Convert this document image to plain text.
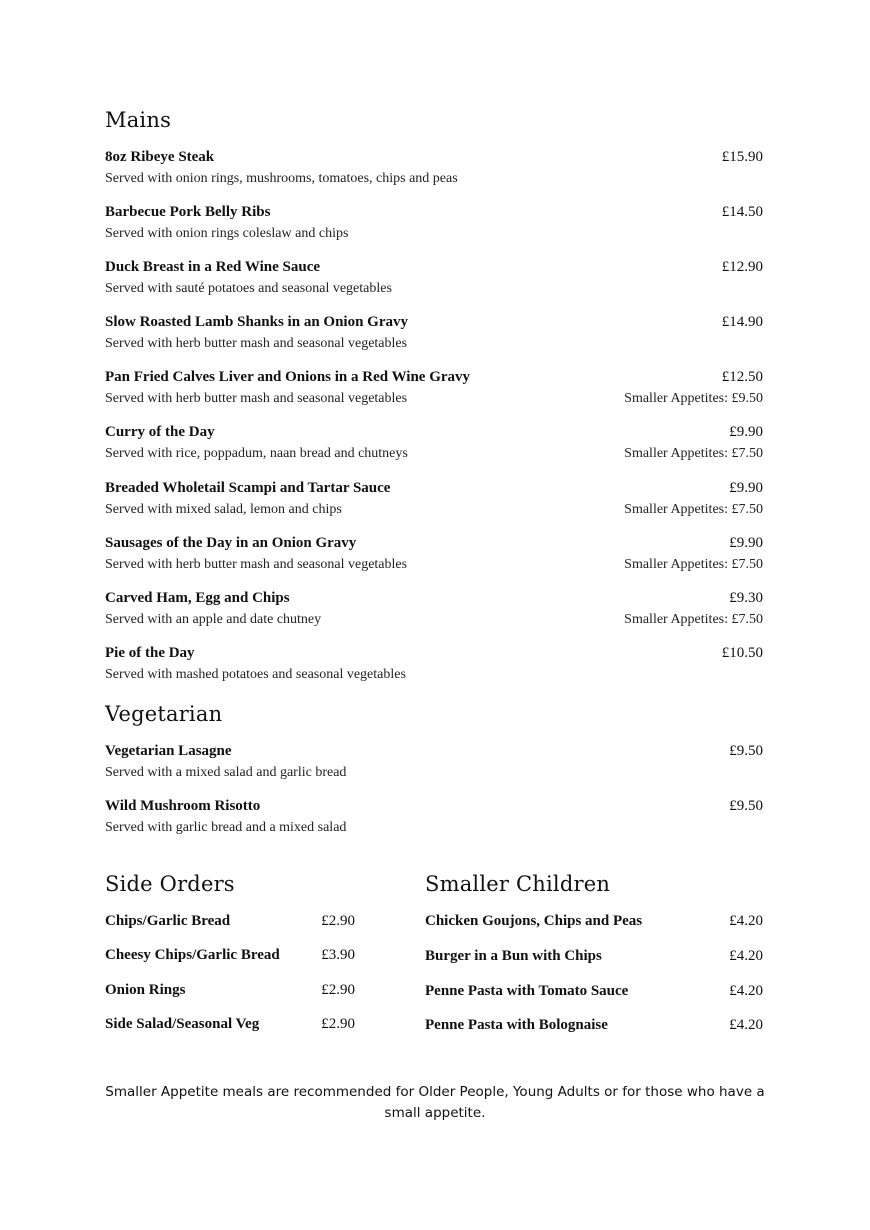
Mains
8oz Ribeye Steak
Served with onion rings, mushrooms, tomatoes, chips and peas
£15.90
Barbecue Pork Belly Ribs
Served with onion rings coleslaw and chips
£14.50
Duck Breast in a Red Wine Sauce
Served with sauté potatoes and seasonal vegetables
£12.90
Slow Roasted Lamb Shanks in an Onion Gravy
Served with herb butter mash and seasonal vegetables
£14.90
Pan Fried Calves Liver and Onions in a Red Wine Gravy
Served with herb butter mash and seasonal vegetables
£12.50
Smaller Appetites: £9.50
Curry of the Day
Served with rice, poppadum, naan bread and chutneys
£9.90
Smaller Appetites: £7.50
Breaded Wholetail Scampi and Tartar Sauce
Served with mixed salad, lemon and chips
£9.90
Smaller Appetites: £7.50
Sausages of the Day in an Onion Gravy
Served with herb butter mash and seasonal vegetables
£9.90
Smaller Appetites: £7.50
Carved Ham, Egg and Chips
Served with an apple and date chutney
£9.30
Smaller Appetites: £7.50
Pie of the Day
Served with mashed potatoes and seasonal vegetables
£10.50
Vegetarian
Vegetarian Lasagne
Served with a mixed salad and garlic bread
£9.50
Wild Mushroom Risotto
Served with garlic bread and a mixed salad
£9.50
Side Orders	Smaller Children
Chips/Garlic Bread	£2.90
Cheesy Chips/Garlic Bread	£3.90
Onion Rings	£2.90
Side Salad/Seasonal Veg	£2.90
Chicken Goujons, Chips and Peas	£4.20
Burger in a Bun with Chips	£4.20
Penne Pasta with Tomato Sauce	£4.20
Penne Pasta with Bolognaise	£4.20
Smaller Appetite meals are recommended for Older People, Young Adults or for those who have a
small appetite.
